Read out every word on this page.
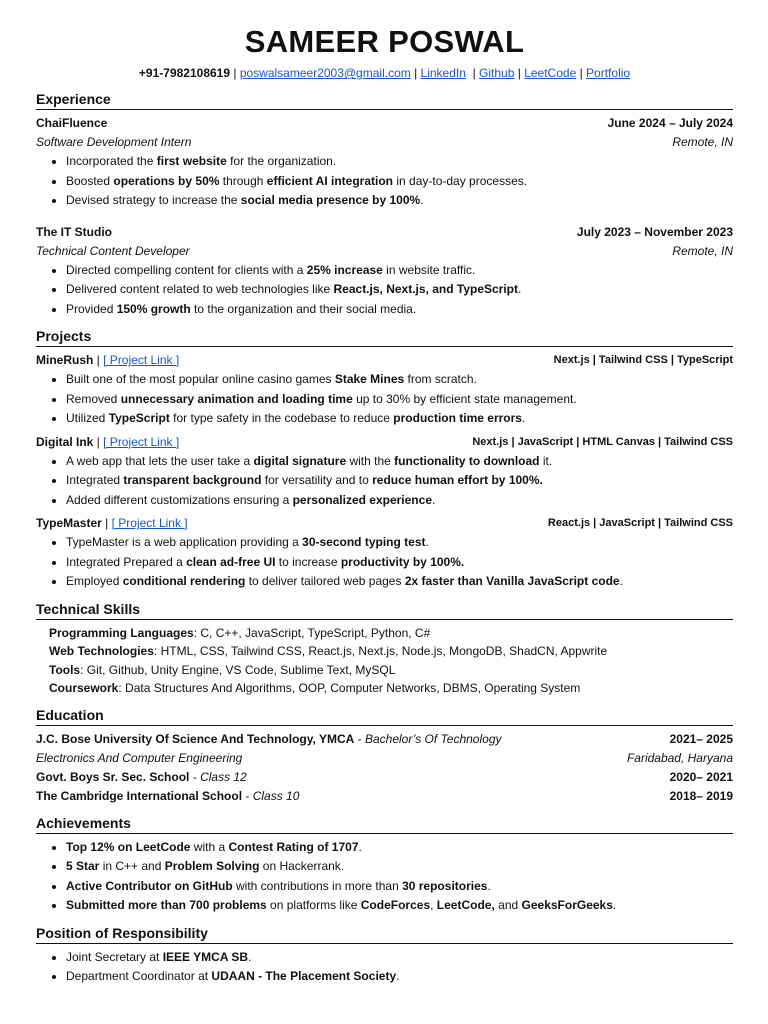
SAMEER POSWAL
+91-7982108619 | poswalsameer2003@gmail.com | LinkedIn  | Github | LeetCode | Portfolio
Experience
ChaiFluence	June 2024 – July 2024
Software Development Intern	Remote, IN
• Incorporated the first website for the organization.
• Boosted operations by 50% through efficient AI integration in day-to-day processes.
• Devised strategy to increase the social media presence by 100%.
The IT Studio	July 2023 – November 2023
Technical Content Developer	Remote, IN
• Directed compelling content for clients with a 25% increase in website traffic.
• Delivered content related to web technologies like React.js, Next.js, and TypeScript.
• Provided 150% growth to the organization and their social media.
Projects
MineRush | [ Project Link ]	Next.js | Tailwind CSS | TypeScript
• Built one of the most popular online casino games Stake Mines from scratch.
• Removed unnecessary animation and loading time up to 30% by efficient state management.
• Utilized TypeScript for type safety in the codebase to reduce production time errors.
Digital Ink | [ Project Link ]	Next.js | JavaScript | HTML Canvas | Tailwind CSS
• A web app that lets the user take a digital signature with the functionality to download it.
• Integrated transparent background for versatility and to reduce human effort by 100%.
• Added different customizations ensuring a personalized experience.
TypeMaster | [ Project Link ]	React.js | JavaScript | Tailwind CSS
• TypeMaster is a web application providing a 30-second typing test.
• Integrated Prepared a clean ad-free UI to increase productivity by 100%.
• Employed conditional rendering to deliver tailored web pages 2x faster than Vanilla JavaScript code.
Technical Skills
Programming Languages: C, C++, JavaScript, TypeScript, Python, C#
Web Technologies: HTML, CSS, Tailwind CSS, React.js, Next.js, Node.js, MongoDB, ShadCN, Appwrite
Tools: Git, Github, Unity Engine, VS Code, Sublime Text, MySQL
Coursework: Data Structures And Algorithms, OOP, Computer Networks, DBMS, Operating System
Education
J.C. Bose University Of Science And Technology, YMCA - Bachelor’s Of Technology	2021– 2025
Electronics And Computer Engineering	Faridabad, Haryana
Govt. Boys Sr. Sec. School - Class 12	2020– 2021
The Cambridge International School - Class 10	2018– 2019
Achievements
• Top 12% on LeetCode with a Contest Rating of 1707.
• 5 Star in C++ and Problem Solving on Hackerrank.
• Active Contributor on GitHub with contributions in more than 30 repositories.
• Submitted more than 700 problems on platforms like CodeForces, LeetCode, and GeeksForGeeks.
Position of Responsibility
• Joint Secretary at IEEE YMCA SB.
• Department Coordinator at UDAAN - The Placement Society.
